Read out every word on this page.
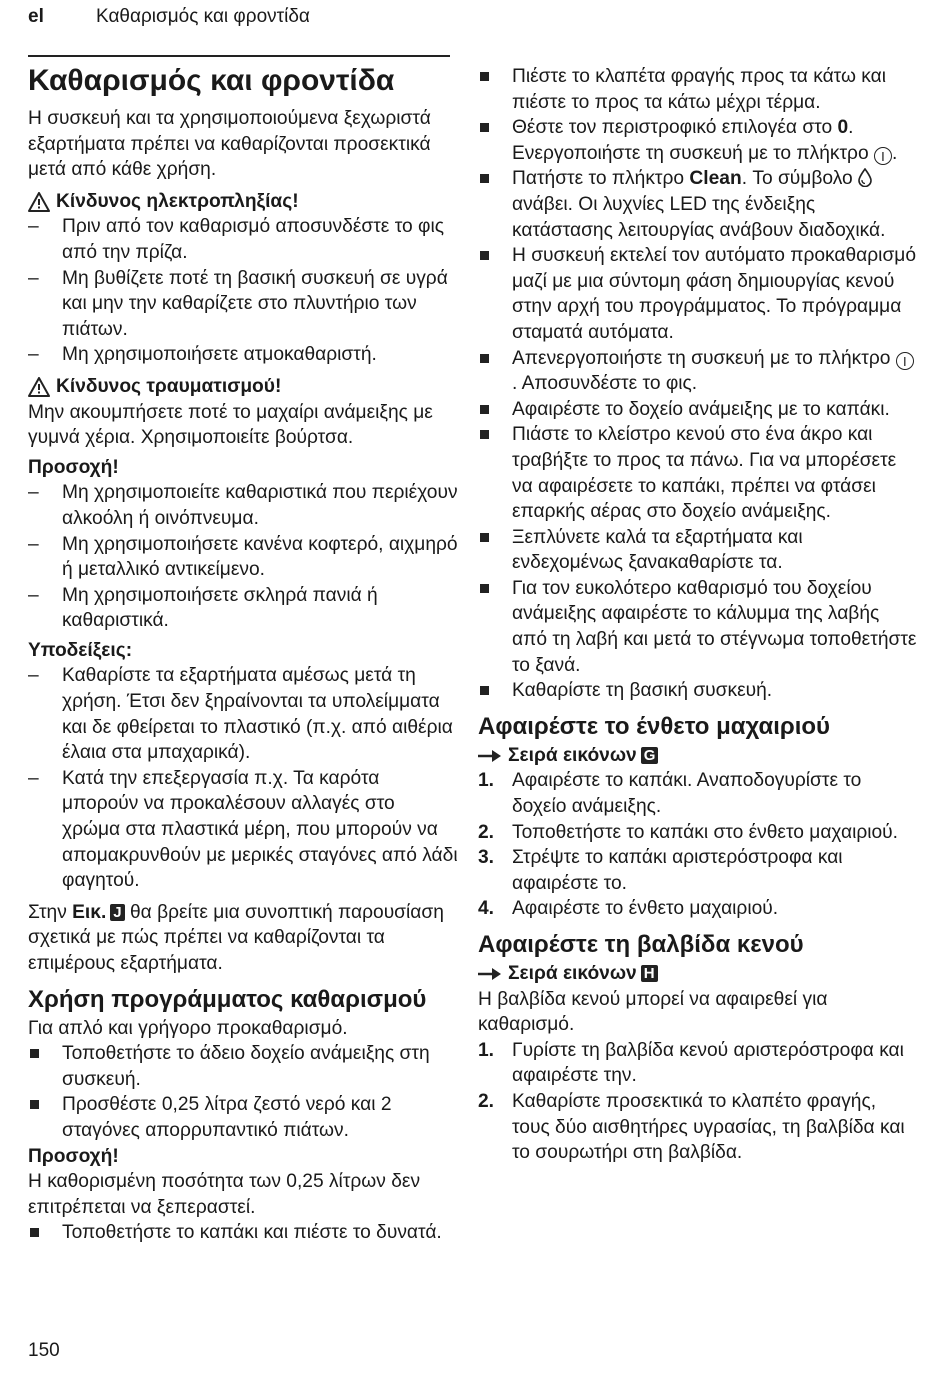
el	Καθαρισμός και φροντίδα
Καθαρισμός και φροντίδα

Η συσκευή και τα χρησιμοποιούμενα ξεχωριστά εξαρτήματα πρέπει να καθαρίζονται προσεκτικά μετά από κάθε χρήση.

Κίνδυνος ηλεκτροπληξίας!
–	Πριν από τον καθαρισμό αποσυνδέστε το φις από την πρίζα.
–	Μη βυθίζετε ποτέ τη βασική συσκευή σε υγρά και μην την καθαρίζετε στο πλυντήριο των πιάτων.
–	Μη χρησιμοποιήσετε ατμοκαθαριστή.
Κίνδυνος τραυματισμού!

Μην ακουμπήσετε ποτέ το μαχαίρι ανάμειξης με γυμνά χέρια. Χρησιμοποιείτε βούρτσα.

Προσοχή!
–	Μη χρησιμοποιείτε καθαριστικά που περιέχουν αλκοόλη ή οινόπνευμα.
–	Μη χρησιμοποιήσετε κανένα κοφτερό, αιχμηρό ή μεταλλικό αντικείμενο.
–	Μη χρησιμοποιήσετε σκληρά πανιά ή καθαριστικά.
Υποδείξεις:
–	Καθαρίστε τα εξαρτήματα αμέσως μετά τη χρήση. Έτσι δεν ξηραίνονται τα υπολείμματα και δε φθείρεται το πλαστικό (π.χ. από αιθέρια έλαια στα μπαχαρικά).
–	Κατά την επεξεργασία π.χ. Τα καρότα μπορούν να προκαλέσουν αλλαγές στο χρώμα στα πλαστικά μέρη, που μπορούν να απομακρυνθούν με μερικές σταγόνες από λάδι φαγητού.

Στην Εικ. J θα βρείτε μια συνοπτική παρουσίαση σχετικά με πώς πρέπει να καθαρίζονται τα επιμέρους εξαρτήματα.

Χρήση προγράμματος καθαρισμού

Για απλό και γρήγορο προκαθαρισμό.

Τοποθετήστε το άδειο δοχείο ανάμειξης στη συσκευή.
Προσθέστε 0,25 λίτρα ζεστό νερό και 2 σταγόνες απορρυπαντικό πιάτων.
Προσοχή!

Η καθορισμένη ποσότητα των 0,25 λίτρων δεν επιτρέπεται να ξεπεραστεί.

Τοποθετήστε το καπάκι και πιέστε το δυνατά.
Πιέστε το κλαπέτα φραγής προς τα κάτω και πιέστε το προς τα κάτω μέχρι τέρμα.
Θέστε τον περιστροφικό επιλογέα στο 0. Ενεργοποιήστε τη συσκευή με το πλήκτρο I .
Πατήστε το πλήκτρο Clean. Το σύμβολο  ανάβει. Οι λυχνίες LED της ένδειξης κατάστασης λειτουργίας ανάβουν διαδοχικά.
Η συσκευή εκτελεί τον αυτόματο προκαθαρισμό μαζί με μια σύντομη φάση δημιουργίας κενού στην αρχή του προγράμματος. Το πρόγραμμα σταματά αυτόματα.
Απενεργοποιήστε τη συσκευή με το πλήκτρο I. Αποσυνδέστε το φις.
Αφαιρέστε το δοχείο ανάμειξης με το καπάκι.
Πιάστε το κλείστρο κενού στο ένα άκρο και τραβήξτε το προς τα πάνω. Για να μπορέσετε να αφαιρέσετε το καπάκι, πρέπει να φτάσει επαρκής αέρας στο δοχείο ανάμειξης.
Ξεπλύνετε καλά τα εξαρτήματα και ενδεχομένως ξανακαθαρίστε τα.
Για τον ευκολότερο καθαρισμό του δοχείου ανάμειξης αφαιρέστε το κάλυμμα της λαβής από τη λαβή και μετά το στέγνωμα τοποθετήστε το ξανά.
Καθαρίστε τη βασική συσκευή.
Αφαιρέστε το ένθετο μαχαιριού
Σειρά εικόνων G
1. Αφαιρέστε το καπάκι. Αναποδογυρίστε το δοχείο ανάμειξης.
2. Τοποθετήστε το καπάκι στο ένθετο μαχαιριού.
3. Στρέψτε το καπάκι αριστερόστροφα και αφαιρέστε το.
4. Αφαιρέστε το ένθετο μαχαιριού.
Αφαιρέστε τη βαλβίδα κενού
Σειρά εικόνων H

Η βαλβίδα κενού μπορεί να αφαιρεθεί για καθαρισμό.

1. Γυρίστε τη βαλβίδα κενού αριστερόστροφα και αφαιρέστε την.
2. Καθαρίστε προσεκτικά το κλαπέτο φραγής, τους δύο αισθητήρες υγρασίας, τη βαλβίδα και το σουρωτήρι στη βαλβίδα.
150
